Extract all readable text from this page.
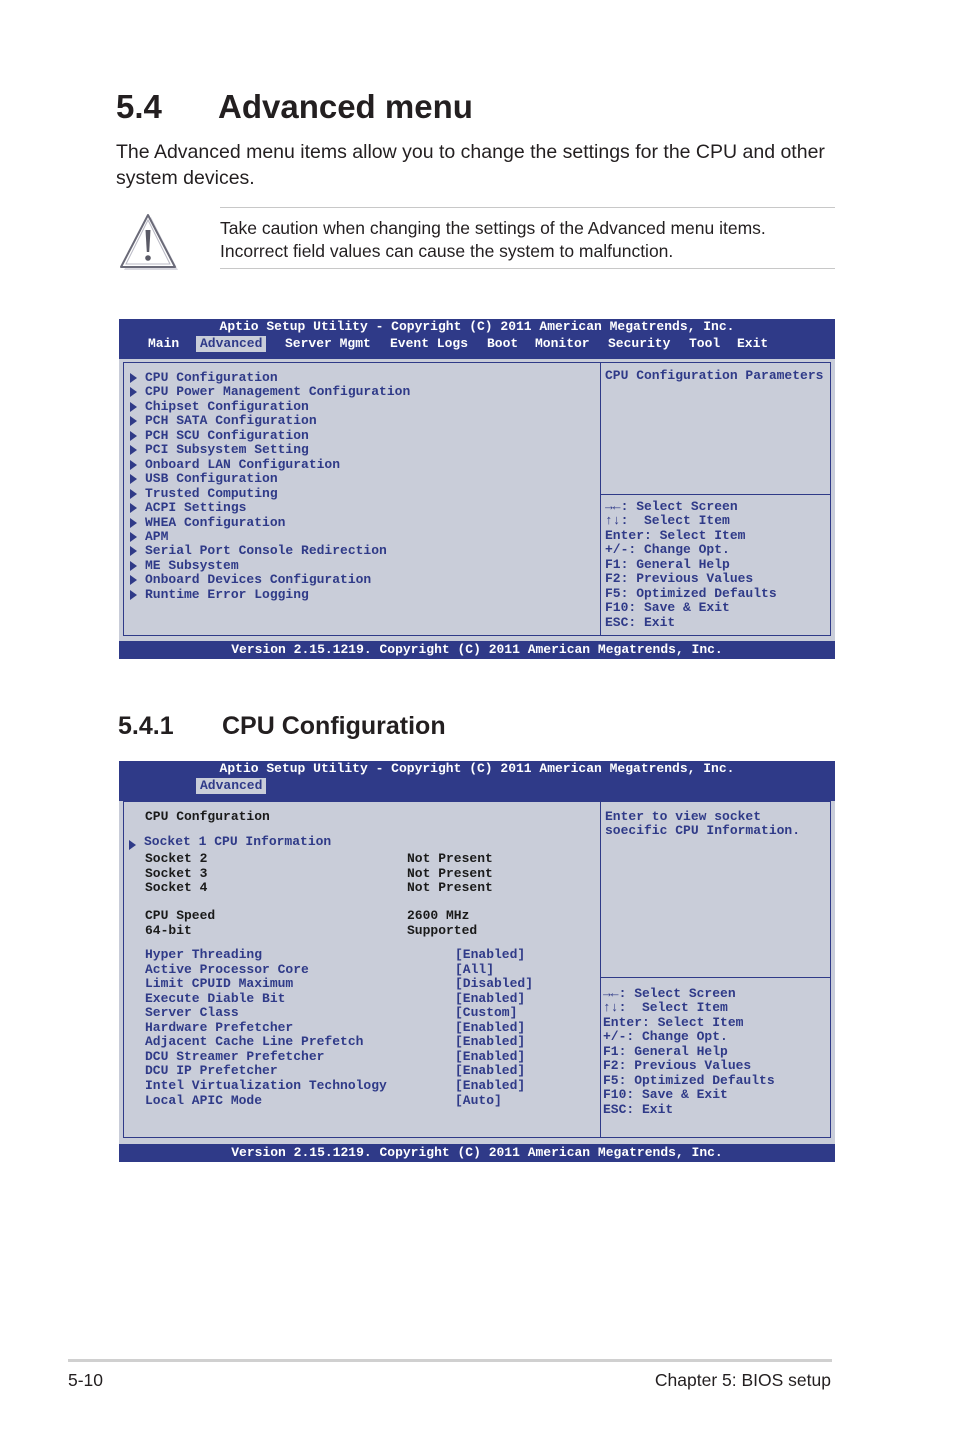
5.4 Advanced menu

The Advanced menu items allow you to change the settings for the CPU and other system devices.

Take caution when changing the settings of the Advanced menu items. Incorrect field values can cause the system to malfunction.
Aptio Setup Utility - Copyright (C) 2011 American Megatrends, Inc.
Main	Advanced	Server Mgmt Event Logs Boot Monitor Security Tool Exit
CPU Configuration
CPU Power Management Configuration
Chipset Configuration
PCH SATA Configuration
PCH SCU Configuration
PCI Subsystem Setting
Onboard LAN Configuration
USB Configuration
Trusted Computing
ACPI Settings
WHEA Configuration
APM
Serial Port Console Redirection
ME Subsystem
Onboard Devices Configuration
Runtime Error Logging
CPU Configuration Parameters
→←: Select Screen
↑↓:  Select Item
Enter: Select Item
+/-: Change Opt.
F1: General Help
F2: Previous Values
F5: Optimized Defaults
F10: Save & Exit
ESC: Exit
Version 2.15.1219. Copyright (C) 2011 American Megatrends, Inc.
5.4.1 CPU Configuration
Aptio Setup Utility - Copyright (C) 2011 American Megatrends, Inc.
Advanced
CPU Confguration
Socket 1 CPU Information
Socket 2	Not Present
Socket 3	Not Present
Socket 4	Not Present
CPU Speed	2600 MHz
64-bit	Supported
Hyper Threading	[Enabled]
Active Processor Core	[All]
Limit CPUID Maximum	[Disabled]
Execute Diable Bit	[Enabled]
Server Class	[Custom]
Hardware Prefetcher	[Enabled]
Adjacent Cache Line Prefetch	[Enabled]
DCU Streamer Prefetcher	[Enabled]
DCU IP Prefetcher	[Enabled]
Intel Virtualization Technology	[Enabled]
Local APIC Mode	[Auto]
Enter to view socket soecific CPU Information.
→←: Select Screen
↑↓:  Select Item
Enter: Select Item
+/-: Change Opt.
F1: General Help
F2: Previous Values
F5: Optimized Defaults
F10: Save & Exit
ESC: Exit
Version 2.15.1219. Copyright (C) 2011 American Megatrends, Inc.
5-10	Chapter 5: BIOS setup
